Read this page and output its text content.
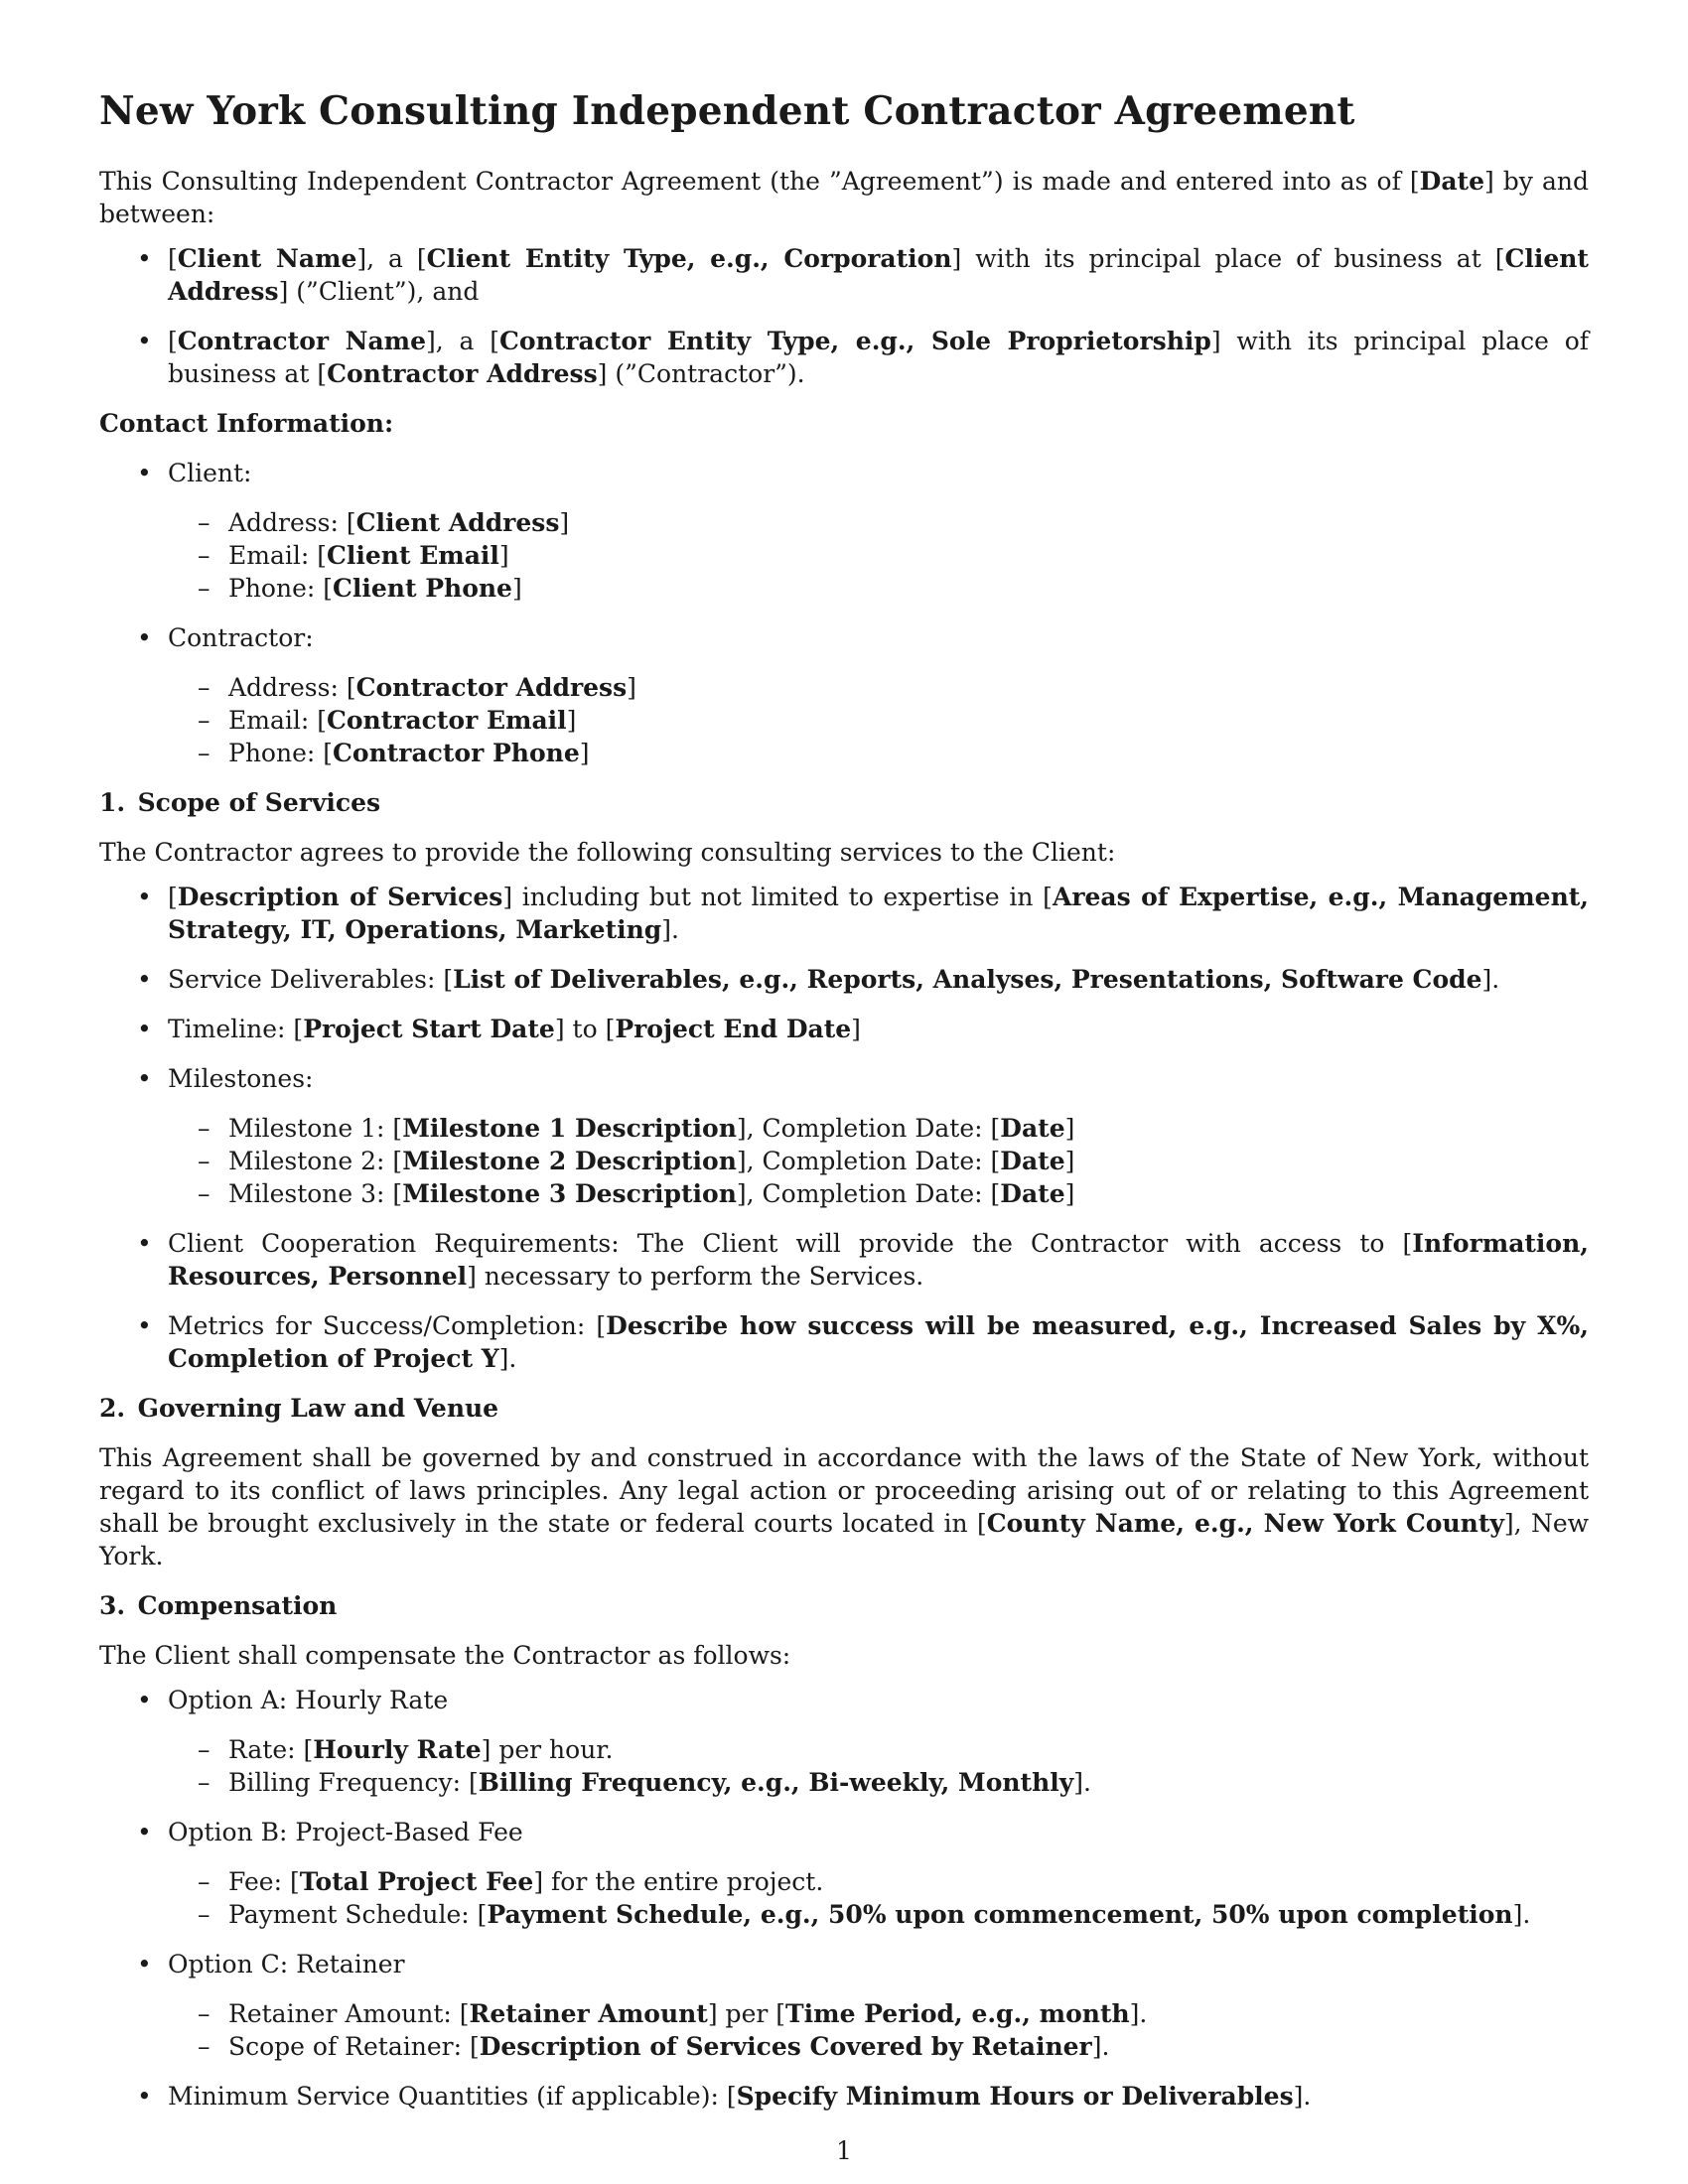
New York Consulting Independent Contractor Agreement

This Consulting Independent Contractor Agreement (the ”Agreement”) is made and entered into as of [Date] by and between:

• [Client Name], a [Client Entity Type, e.g., Corporation] with its principal place of business at [Client Address] (”Client”), and
• [Contractor Name], a [Contractor Entity Type, e.g., Sole Proprietorship] with its principal place of business at [Contractor Address] (”Contractor”).
Contact Information:
• Client:
– Address: [Client Address]
– Email: [Client Email]
– Phone: [Client Phone]
• Contractor:
– Address: [Contractor Address]
– Email: [Contractor Email]
– Phone: [Contractor Phone]
1. Scope of Services

The Contractor agrees to provide the following consulting services to the Client:

• [Description of Services] including but not limited to expertise in [Areas of Expertise, e.g., Management, Strategy, IT, Operations, Marketing].
• Service Deliverables: [List of Deliverables, e.g., Reports, Analyses, Presentations, Software Code].
• Timeline: [Project Start Date] to [Project End Date]
• Milestones:
– Milestone 1: [Milestone 1 Description], Completion Date: [Date]
– Milestone 2: [Milestone 2 Description], Completion Date: [Date]
– Milestone 3: [Milestone 3 Description], Completion Date: [Date]
• Client Cooperation Requirements: The Client will provide the Contractor with access to [Information, Resources, Personnel] necessary to perform the Services.
• Metrics for Success/Completion: [Describe how success will be measured, e.g., Increased Sales by X%, Completion of Project Y].
2. Governing Law and Venue

This Agreement shall be governed by and construed in accordance with the laws of the State of New York, without regard to its conflict of laws principles. Any legal action or proceeding arising out of or relating to this Agreement shall be brought exclusively in the state or federal courts located in [County Name, e.g., New York County], New York.

3. Compensation

The Client shall compensate the Contractor as follows:

• Option A: Hourly Rate
– Rate: [Hourly Rate] per hour.
– Billing Frequency: [Billing Frequency, e.g., Bi-weekly, Monthly].
• Option B: Project-Based Fee
– Fee: [Total Project Fee] for the entire project.
– Payment Schedule: [Payment Schedule, e.g., 50% upon commencement, 50% upon completion].
• Option C: Retainer
– Retainer Amount: [Retainer Amount] per [Time Period, e.g., month].
– Scope of Retainer: [Description of Services Covered by Retainer].
• Minimum Service Quantities (if applicable): [Specify Minimum Hours or Deliverables].
1
